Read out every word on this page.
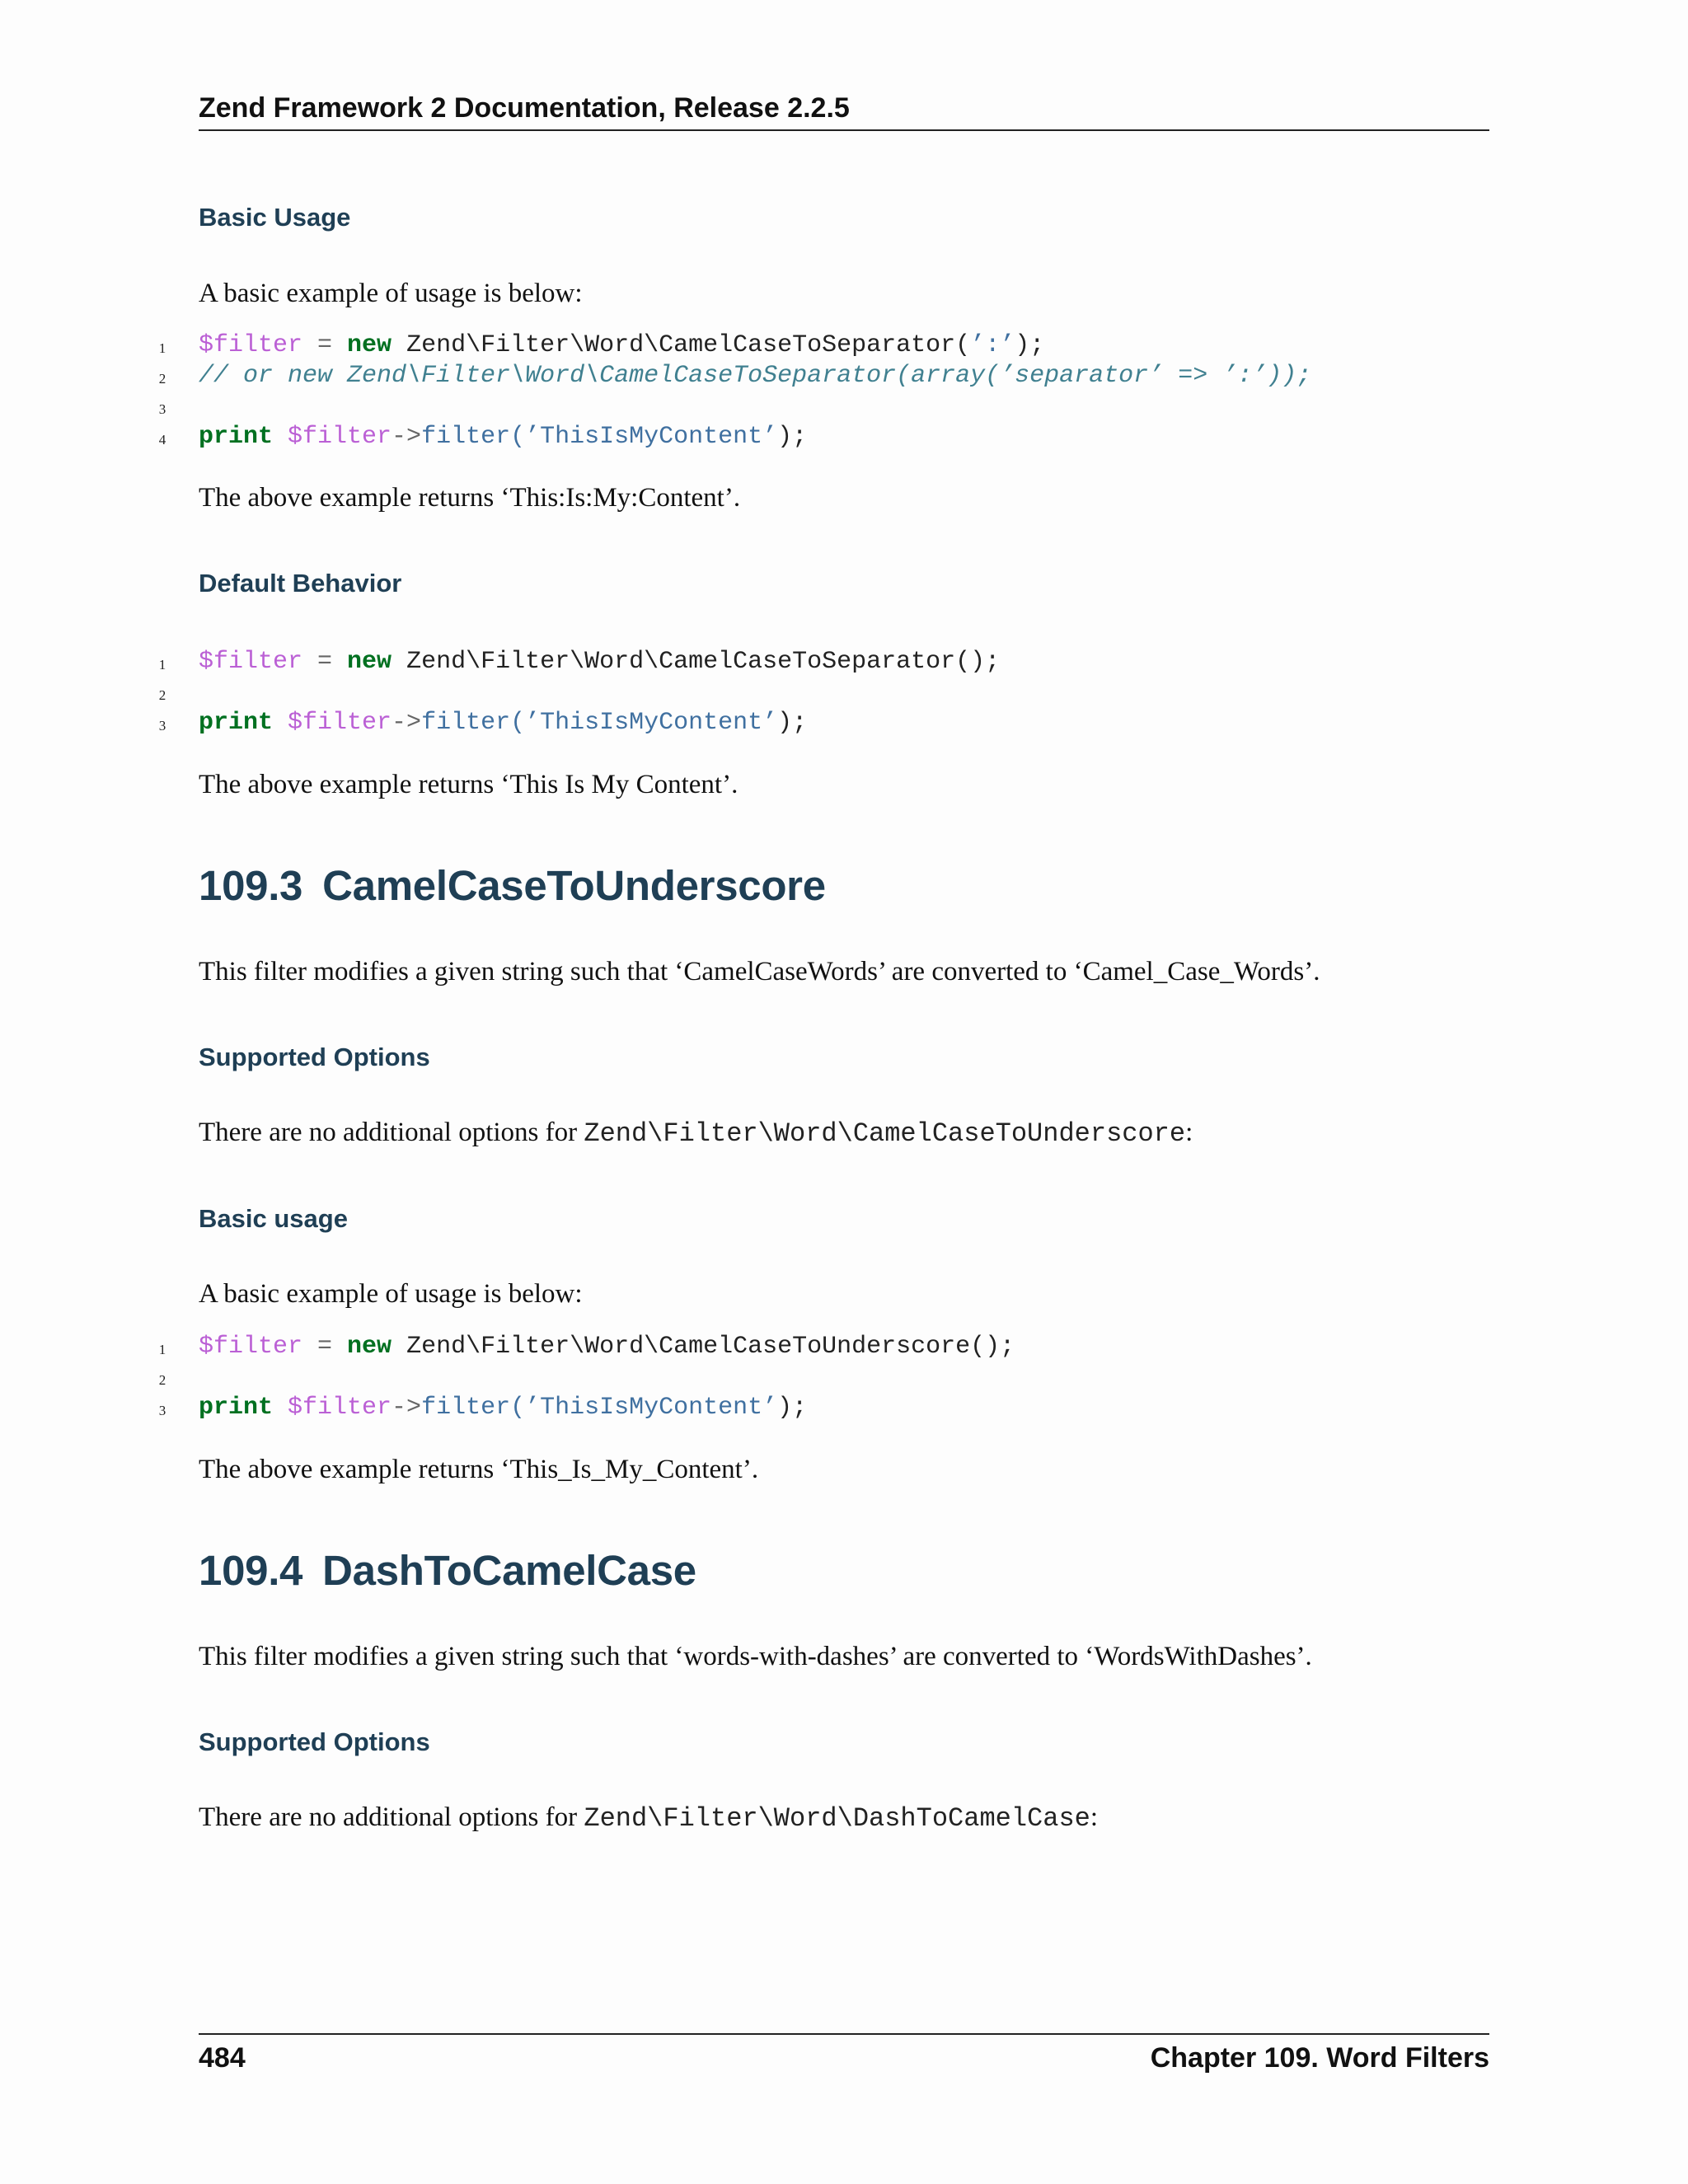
Zend Framework 2 Documentation, Release 2.2.5
Basic Usage
A basic example of usage is below:
1 $filter = new Zend\Filter\Word\CamelCaseToSeparator(’:’);
2 // or new Zend\Filter\Word\CamelCaseToSeparator(array(’separator’ => ’:’));
3
4 print $filter->filter(’ThisIsMyContent’);
The above example returns ‘This:Is:My:Content’.
Default Behavior
1 $filter = new Zend\Filter\Word\CamelCaseToSeparator();
2
3 print $filter->filter(’ThisIsMyContent’);
The above example returns ‘This Is My Content’.
109.3 CamelCaseToUnderscore
This filter modifies a given string such that ‘CamelCaseWords’ are converted to ‘Camel_Case_Words’.
Supported Options
There are no additional options for Zend\Filter\Word\CamelCaseToUnderscore:
Basic usage
A basic example of usage is below:
1 $filter = new Zend\Filter\Word\CamelCaseToUnderscore();
2
3 print $filter->filter(’ThisIsMyContent’);
The above example returns ‘This_Is_My_Content’.
109.4 DashToCamelCase
This filter modifies a given string such that ‘words-with-dashes’ are converted to ‘WordsWithDashes’.
Supported Options
There are no additional options for Zend\Filter\Word\DashToCamelCase:
484	Chapter 109. Word Filters
